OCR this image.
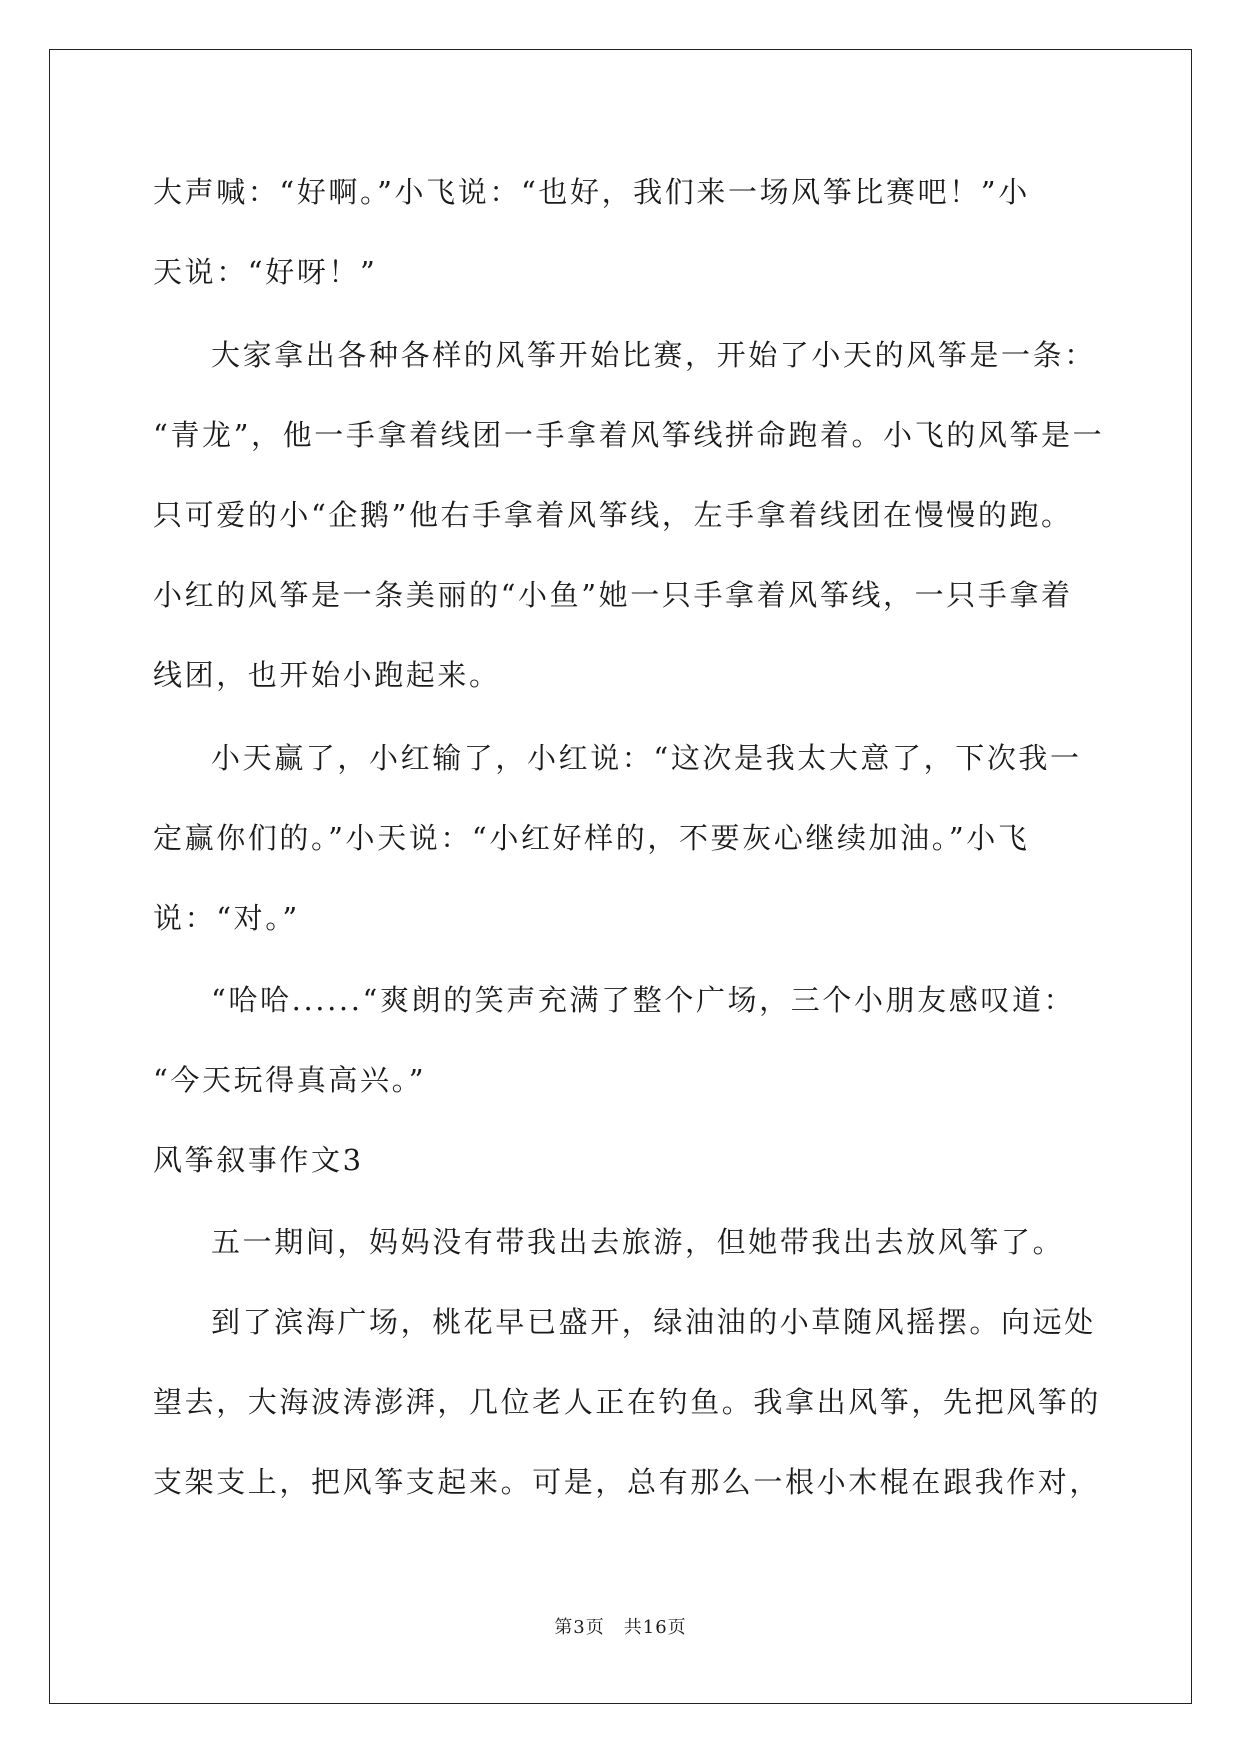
大声喊：“好啊。”小飞说：“也好，我们来一场风筝比赛吧！”小
天说：“好呀！”
大家拿出各种各样的风筝开始比赛，开始了小天的风筝是一条：
“青龙”，他一手拿着线团一手拿着风筝线拼命跑着。小飞的风筝是一
只可爱的小“企鹅”他右手拿着风筝线，左手拿着线团在慢慢的跑。
小红的风筝是一条美丽的“小鱼”她一只手拿着风筝线，一只手拿着
线团，也开始小跑起来。
小天赢了，小红输了，小红说：“这次是我太大意了，下次我一
定赢你们的。”小天说：“小红好样的，不要灰心继续加油。”小飞
说：“对。”
“哈哈......“爽朗的笑声充满了整个广场，三个小朋友感叹道：
“今天玩得真高兴。”
风筝叙事作文3
五一期间，妈妈没有带我出去旅游，但她带我出去放风筝了。
到了滨海广场，桃花早已盛开，绿油油的小草随风摇摆。向远处
望去，大海波涛澎湃，几位老人正在钓鱼。我拿出风筝，先把风筝的
支架支上，把风筝支起来。可是，总有那么一根小木棍在跟我作对，
第3页　共16页
